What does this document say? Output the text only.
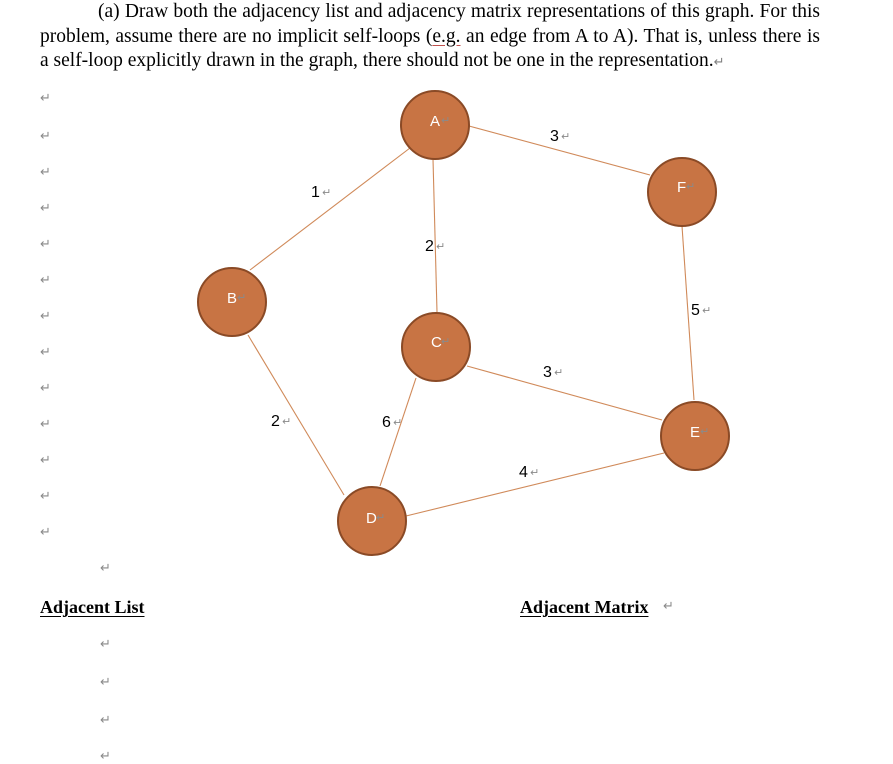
(a) Draw both the adjacency list and adjacency matrix representations of this graph. For this problem, assume there are no implicit self-loops (e.g. an edge from A to A). That is, unless there is a self-loop explicitly drawn in the graph, there should not be one in the representation.↵
↵
↵
↵
↵
↵
↵
↵
↵
↵
↵
↵
↵
↵
↵
↵
↵
↵
↵
3 ↵
1 ↵
2 ↵
5 ↵
3 ↵
2 ↵	6 ↵
4 ↵
A ↵
F ↵
B ↵
C ↵
E ↵
D ↵
Adjacent List	Adjacent Matrix ↵
